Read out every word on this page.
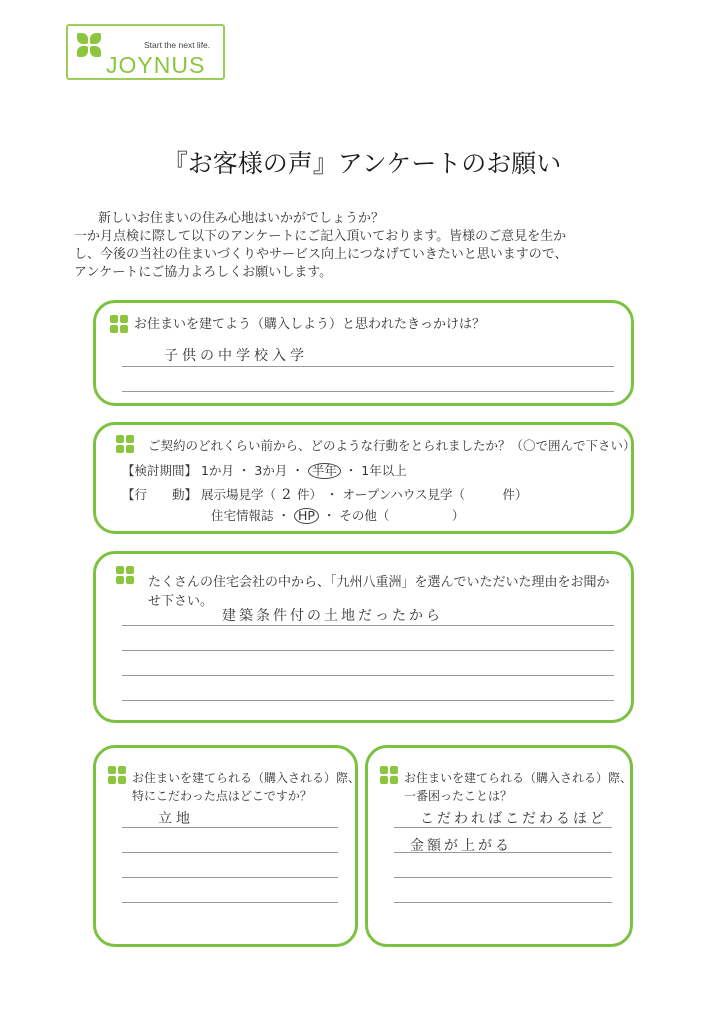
Start the next life.
JOYNUS
『お客様の声』アンケートのお願い
新しいお住まいの住み心地はいかがでしょうか？
一か月点検に際して以下のアンケートにご記入頂いております。皆様のご意見を生か
し、今後の当社の住まいづくりやサービス向上につなげていきたいと思いますので、
アンケートにご協力よろしくお願いします。
お住まいを建てよう（購入しよう）と思われたきっかけは？
子供の中学校入学
ご契約のどれくらい前から、どのような行動をとられましたか？（〇で囲んで下さい）
【検討期間】 1か月 ・ 3か月 ・ 半年 ・ 1年以上
【行　　動】 展示場見学（ 2 件） ・ オープンハウス見学（　　　件）
住宅情報誌 ・ HP ・ その他（　　　　　）
たくさんの住宅会社の中から、「九州八重洲」を選んでいただいた理由をお聞か
せ下さい。
建築条件付の土地だったから
お住まいを建てられる（購入される）際、
特にこだわった点はどこですか？
立地
お住まいを建てられる（購入される）際、
一番困ったことは？
こだわればこだわるほど
金額が上がる
